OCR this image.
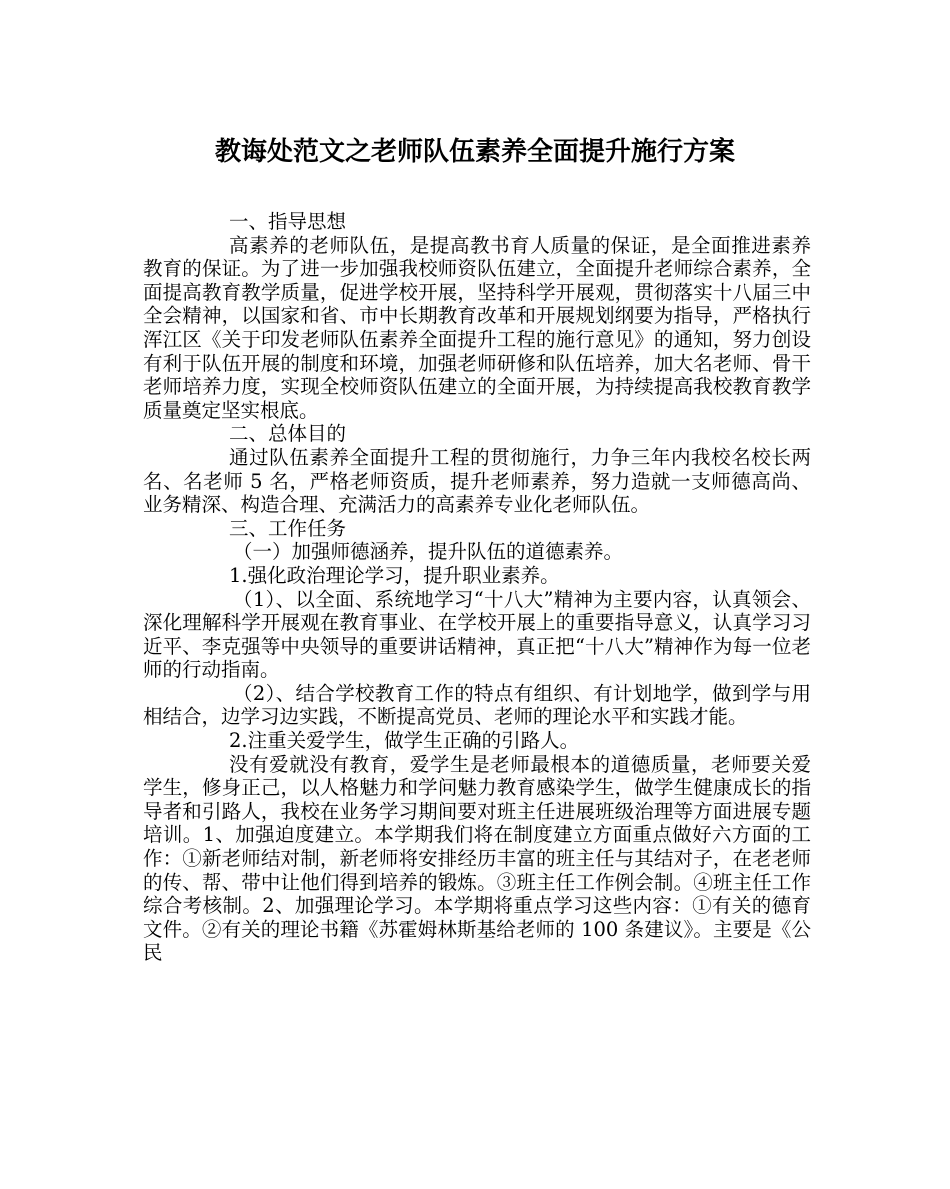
教诲处范文之老师队伍素养全面提升施行方案

一、指导思想

高素养的老师队伍，是提高教书育人质量的保证，是全面推进素养教育的保证。为了进一步加强我校师资队伍建立，全面提升老师综合素养，全面提高教育教学质量，促进学校开展，坚持科学开展观，贯彻落实十八届三中全会精神，以国家和省、市中长期教育改革和开展规划纲要为指导，严格执行浑江区《关于印发老师队伍素养全面提升工程的施行意见》的通知，努力创设有利于队伍开展的制度和环境，加强老师研修和队伍培养，加大名老师、骨干老师培养力度，实现全校师资队伍建立的全面开展，为持续提高我校教育教学质量奠定坚实根底。

二、总体目的

通过队伍素养全面提升工程的贯彻施行，力争三年内我校名校长两名、名老师 5 名，严格老师资质，提升老师素养，努力造就一支师德高尚、业务精深、构造合理、充满活力的高素养专业化老师队伍。

三、工作任务

（一）加强师德涵养，提升队伍的道德素养。

1.强化政治理论学习，提升职业素养。

（1）、以全面、系统地学习“十八大”精神为主要内容，认真领会、深化理解科学开展观在教育事业、在学校开展上的重要指导意义，认真学习习近平、李克强等中央领导的重要讲话精神，真正把“十八大”精神作为每一位老师的行动指南。

（2）、结合学校教育工作的特点有组织、有计划地学，做到学与用相结合，边学习边实践，不断提高党员、老师的理论水平和实践才能。

2.注重关爱学生，做学生正确的引路人。

没有爱就没有教育，爱学生是老师最根本的道德质量，老师要关爱学生，修身正己，以人格魅力和学问魅力教育感染学生，做学生健康成长的指导者和引路人，我校在业务学习期间要对班主任进展班级治理等方面进展专题培训。1、加强迫度建立。本学期我们将在制度建立方面重点做好六方面的工作：①新老师结对制，新老师将安排经历丰富的班主任与其结对子，在老老师的传、帮、带中让他们得到培养的锻炼。③班主任工作例会制。④班主任工作综合考核制。2、加强理论学习。本学期将重点学习这些内容：①有关的德育文件。②有关的理论书籍《苏霍姆林斯基给老师的 100 条建议》。主要是《公民
